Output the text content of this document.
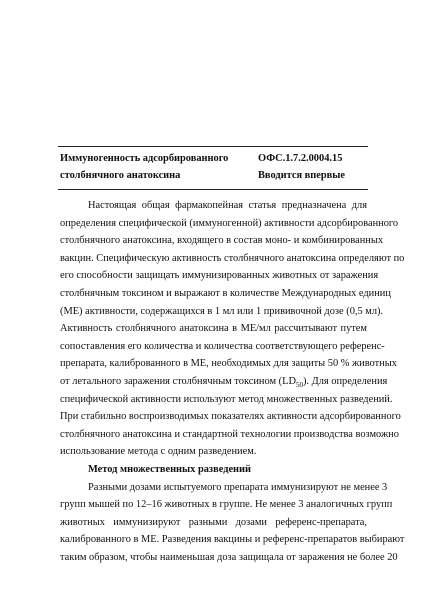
Иммуногенность адсорбированного	ОФС.1.7.2.0004.15
столбнячного анатоксина	Вводится впервые
Настоящая общая фармакопейная статья предназначена для
определения специфической (иммуногенной) активности адсорбированного
столбнячного анатоксина, входящего в состав моно- и комбинированных
вакцин. Специфическую активность столбнячного анатоксина определяют по
его способности защищать иммунизированных животных от заражения
столбнячным токсином и выражают в количестве Международных единиц
(МЕ) активности, содержащихся в 1 мл или 1 прививочной дозе (0,5 мл).
Активность столбнячного анатоксина в МЕ/мл рассчитывают путем
сопоставления его количества и количества соответствующего референс-
препарата, калиброванного в МЕ, необходимых для защиты 50 % животных
от летального заражения столбнячным токсином $(LD_{50})$. Для определения
специфической активности используют метод множественных разведений.
При стабильно воспроизводимых показателях активности адсорбированного
столбнячного анатоксина и стандартной технологии производства возможно
использование метода с одним разведением.
Метод множественных разведений
Разными дозами испытуемого препарата иммунизируют не менее 3
групп мышей по 12–16 животных в группе. Не менее 3 аналогичных групп
животных иммунизируют разными дозами референс-препарата,
калиброванного в МЕ. Разведения вакцины и референс-препаратов выбирают
таким образом, чтобы наименьшая доза защищала от заражения не более 20
